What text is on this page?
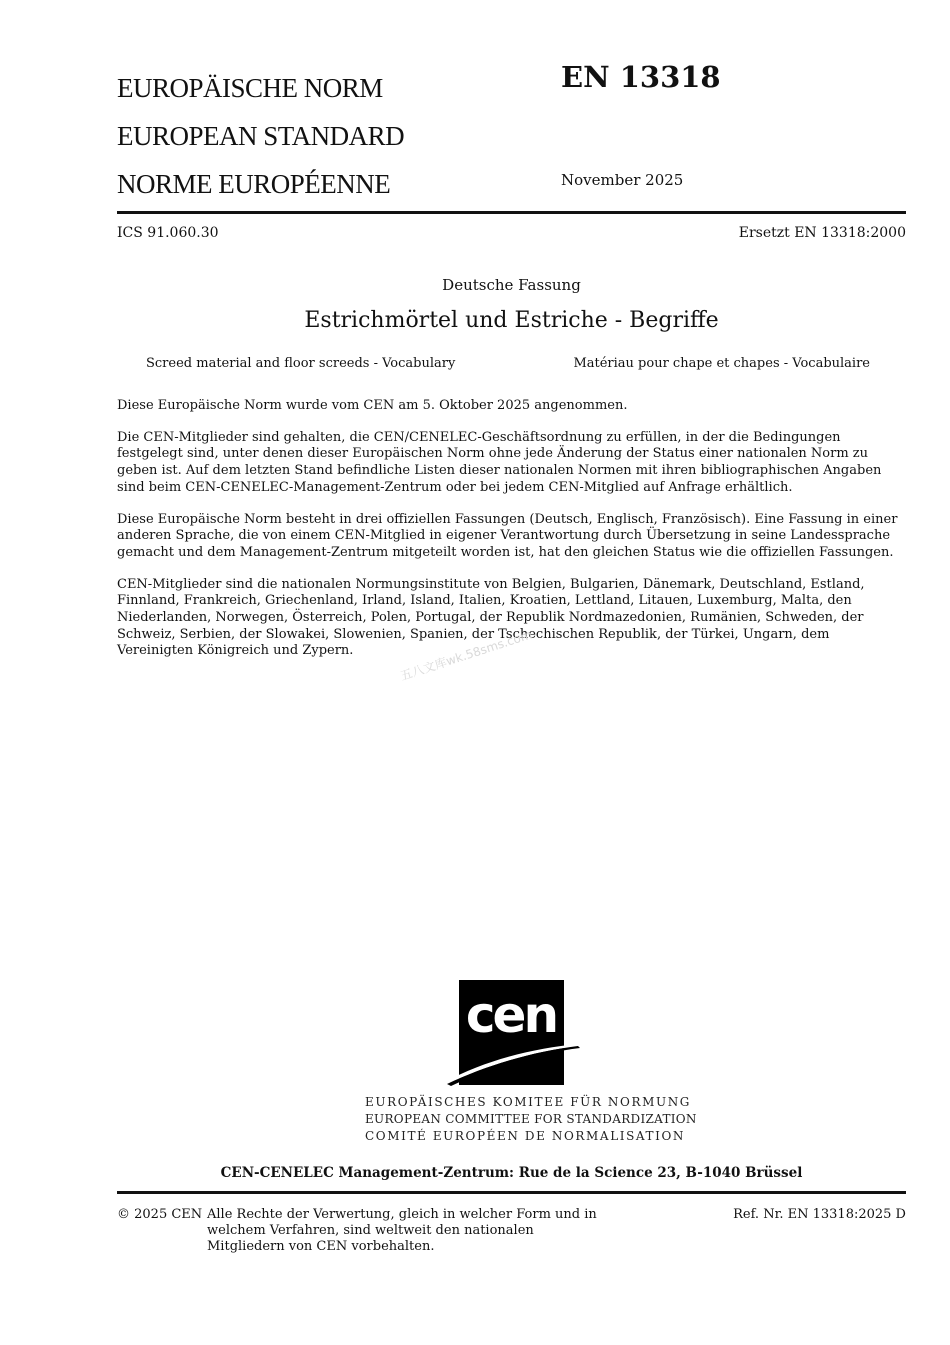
EUROPÄISCHE NORM
EUROPEAN STANDARD
NORME EUROPÉENNE
EN 13318
November 2025
ICS 91.060.30	Ersetzt EN 13318:2000
Deutsche Fassung
Estrichmörtel und Estriche - Begriffe
Screed material and floor screeds - Vocabulary	Matériau pour chape et chapes - Vocabulaire

Diese Europäische Norm wurde vom CEN am 5. Oktober 2025 angenommen.

Die CEN-Mitglieder sind gehalten, die CEN/CENELEC-Geschäftsordnung zu erfüllen, in der die Bedingungen festgelegt sind, unter denen dieser Europäischen Norm ohne jede Änderung der Status einer nationalen Norm zu geben ist. Auf dem letzten Stand befindliche Listen dieser nationalen Normen mit ihren bibliographischen Angaben sind beim CEN-CENELEC-Management-Zentrum oder bei jedem CEN-Mitglied auf Anfrage erhältlich.

Diese Europäische Norm besteht in drei offiziellen Fassungen (Deutsch, Englisch, Französisch). Eine Fassung in einer anderen Sprache, die von einem CEN-Mitglied in eigener Verantwortung durch Übersetzung in seine Landessprache gemacht und dem Management-Zentrum mitgeteilt worden ist, hat den gleichen Status wie die offiziellen Fassungen.

CEN-Mitglieder sind die nationalen Normungsinstitute von Belgien, Bulgarien, Dänemark, Deutschland, Estland, Finnland, Frankreich, Griechenland, Irland, Island, Italien, Kroatien, Lettland, Litauen, Luxemburg, Malta, den Niederlanden, Norwegen, Österreich, Polen, Portugal, der Republik Nordmazedonien, Rumänien, Schweden, der Schweiz, Serbien, der Slowakei, Slowenien, Spanien, der Tschechischen Republik, der Türkei, Ungarn, dem Vereinigten Königreich und Zypern.	五八文库wk.58sms.com
cen
EUROPÄISCHES KOMITEE FÜR NORMUNG
EUROPEAN COMMITTEE FOR STANDARDIZATION
COMITÉ EUROPÉEN DE NORMALISATION
CEN-CENELEC Management-Zentrum: Rue de la Science 23, B-1040 Brüssel
© 2025 CEN Alle Rechte der Verwertung, gleich in welcher Form und in welchem Verfahren, sind weltweit den nationalen Mitgliedern von CEN vorbehalten.
Ref. Nr. EN 13318:2025 D
